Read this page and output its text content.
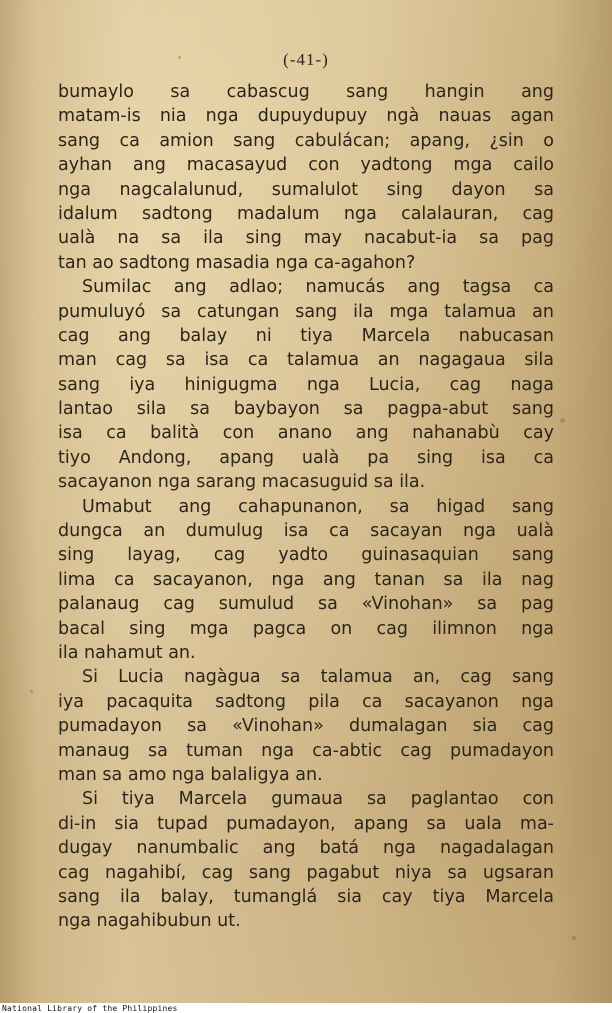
(-41-)
bumaylo sa cabascug sang hangin ang
matam-is nia nga dupuydupuy ngà nauas agan
sang ca amion sang cabulácan; apang, ¿sin o
ayhan ang macasayud con yadtong mga cailo
nga nagcalalunud, sumalulot sing dayon sa
idalum sadtong madalum nga calalauran, cag
ualà na sa ila sing may nacabut-ia sa pag
tan ao sadtong masadia nga ca-agahon?
Sumilac ang adlao; namucás ang tagsa ca
pumuluyó sa catungan sang ila mga talamua an
cag ang balay ni tiya Marcela nabucasan
man cag sa isa ca talamua an nagagaua sila
sang iya hinigugma nga Lucia, cag naga
lantao sila sa baybayon sa pagpa-abut sang
isa ca balità con anano ang nahanabù cay
tiyo Andong, apang ualà pa sing isa ca
sacayanon nga sarang macasuguid sa ila.
Umabut ang cahapunanon, sa higad sang
dungca an dumulug isa ca sacayan nga ualà
sing layag, cag yadto guinasaquian sang
lima ca sacayanon, nga ang tanan sa ila nag
palanaug cag sumulud sa «Vinohan» sa pag
bacal sing mga pagca on cag ilimnon nga
ila nahamut an.
Si Lucia nagàgua sa talamua an, cag sang
iya pacaquita sadtong pila ca sacayanon nga
pumadayon sa «Vinohan» dumalagan sia cag
manaug sa tuman nga ca-abtic cag pumadayon
man sa amo nga balaligya an.
Si tiya Marcela gumaua sa paglantao con
di-in sia tupad pumadayon, apang sa uala ma-
dugay nanumbalic ang batá nga nagadalagan
cag nagahibí, cag sang pagabut niya sa ugsaran
sang ila balay, tumanglá sia cay tiya Marcela
nga nagahibubun ut.
National Library of the Philippines
